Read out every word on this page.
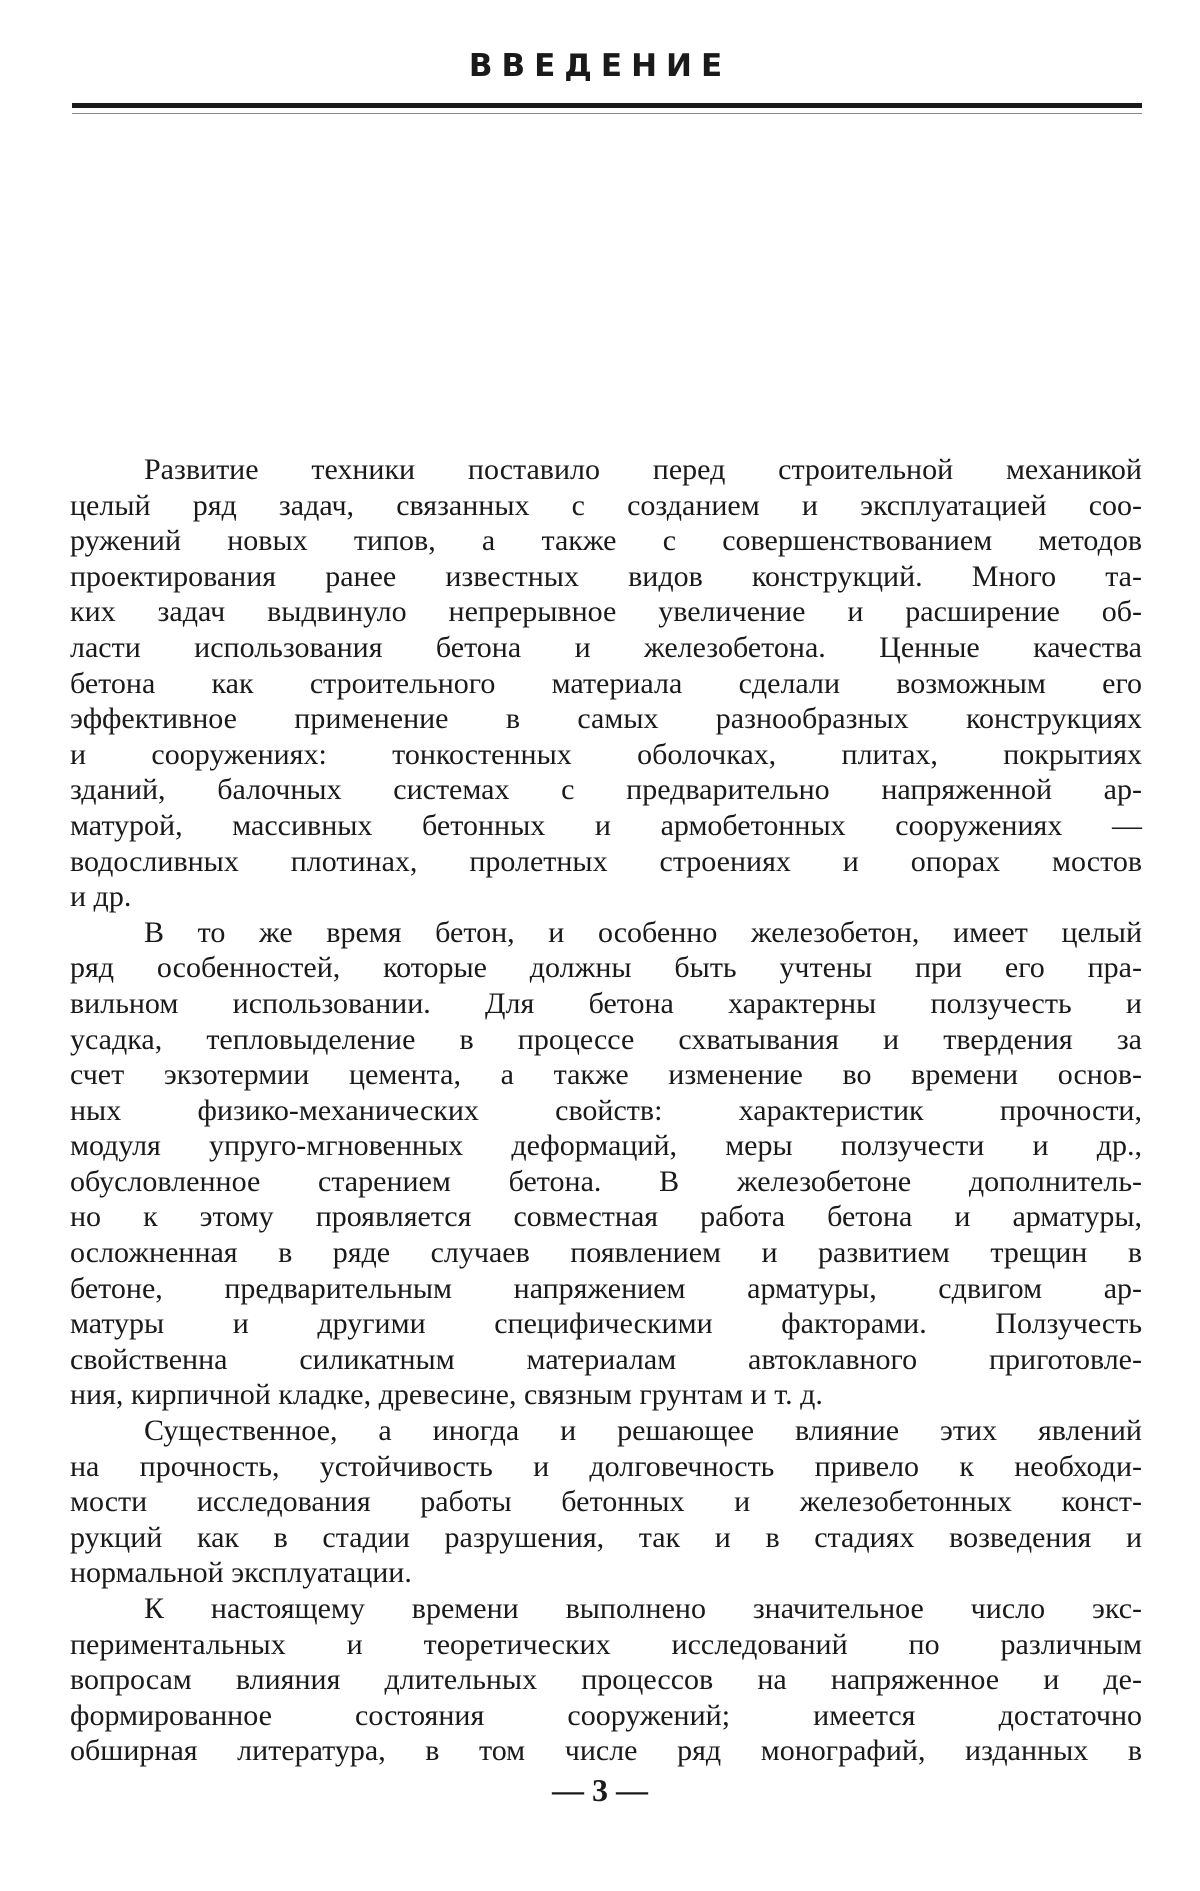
ВВЕДЕНИЕ
Развитие техники поставило перед строительной механикой
целый ряд задач, связанных с созданием и эксплуатацией соо-
ружений новых типов, а также с совершенствованием методов
проектирования ранее известных видов конструкций. Много та-
ких задач выдвинуло непрерывное увеличение и расширение об-
ласти использования бетона и железобетона. Ценные качества
бетона как строительного материала сделали возможным его
эффективное применение в самых разнообразных конструкциях
и сооружениях: тонкостенных оболочках, плитах, покрытиях
зданий, балочных системах с предварительно напряженной ар-
матурой, массивных бетонных и армобетонных сооружениях —
водосливных плотинах, пролетных строениях и опорах мостов
и др.
В то же время бетон, и особенно железобетон, имеет целый
ряд особенностей, которые должны быть учтены при его пра-
вильном использовании. Для бетона характерны ползучесть и
усадка, тепловыделение в процессе схватывания и твердения за
счет экзотермии цемента, а также изменение во времени основ-
ных физико-механических свойств: характеристик прочности,
модуля упруго-мгновенных деформаций, меры ползучести и др.,
обусловленное старением бетона. В железобетоне дополнитель-
но к этому проявляется совместная работа бетона и арматуры,
осложненная в ряде случаев появлением и развитием трещин в
бетоне, предварительным напряжением арматуры, сдвигом ар-
матуры и другими специфическими факторами. Ползучесть
свойственна силикатным материалам автоклавного приготовле-
ния, кирпичной кладке, древесине, связным грунтам и т. д.
Существенное, а иногда и решающее влияние этих явлений
на прочность, устойчивость и долговечность привело к необходи-
мости исследования работы бетонных и железобетонных конст-
рукций как в стадии разрушения, так и в стадиях возведения и
нормальной эксплуатации.
К настоящему времени выполнено значительное число экс-
периментальных и теоретических исследований по различным
вопросам влияния длительных процессов на напряженное и де-
формированное состояния сооружений; имеется достаточно
обширная литература, в том числе ряд монографий, изданных в
— 3 —
